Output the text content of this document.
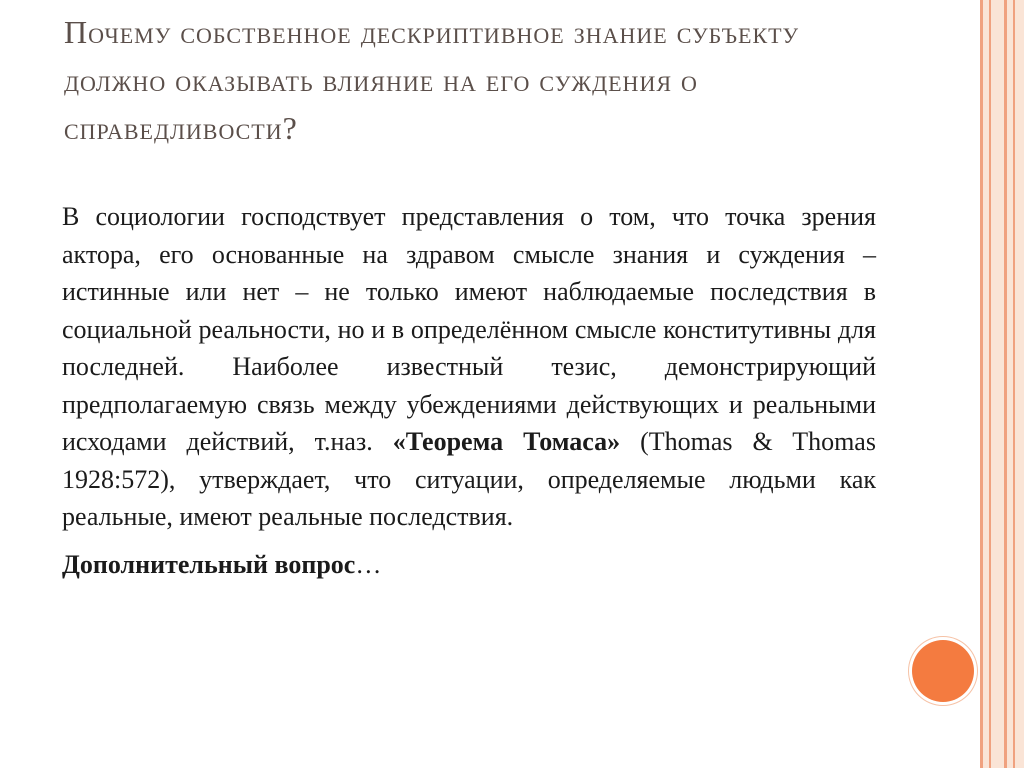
Почему собственное дескриптивное знание субъекту должно оказывать влияние на его суждения о справедливости?

В социологии господствует представления о том, что точка зрения актора, его основанные на здравом смысле знания и суждения – истинные или нет – не только имеют наблюдаемые последствия в социальной реальности, но и в определённом смысле конститутивны для последней. Наиболее известный тезис, демонстрирующий предполагаемую связь между убеждениями действующих и реальными исходами действий, т.наз. «Теорема Томаса» (Thomas & Thomas 1928:572), утверждает, что ситуации, определяемые людьми как реальные, имеют реальные последствия.

Дополнительный вопрос…
